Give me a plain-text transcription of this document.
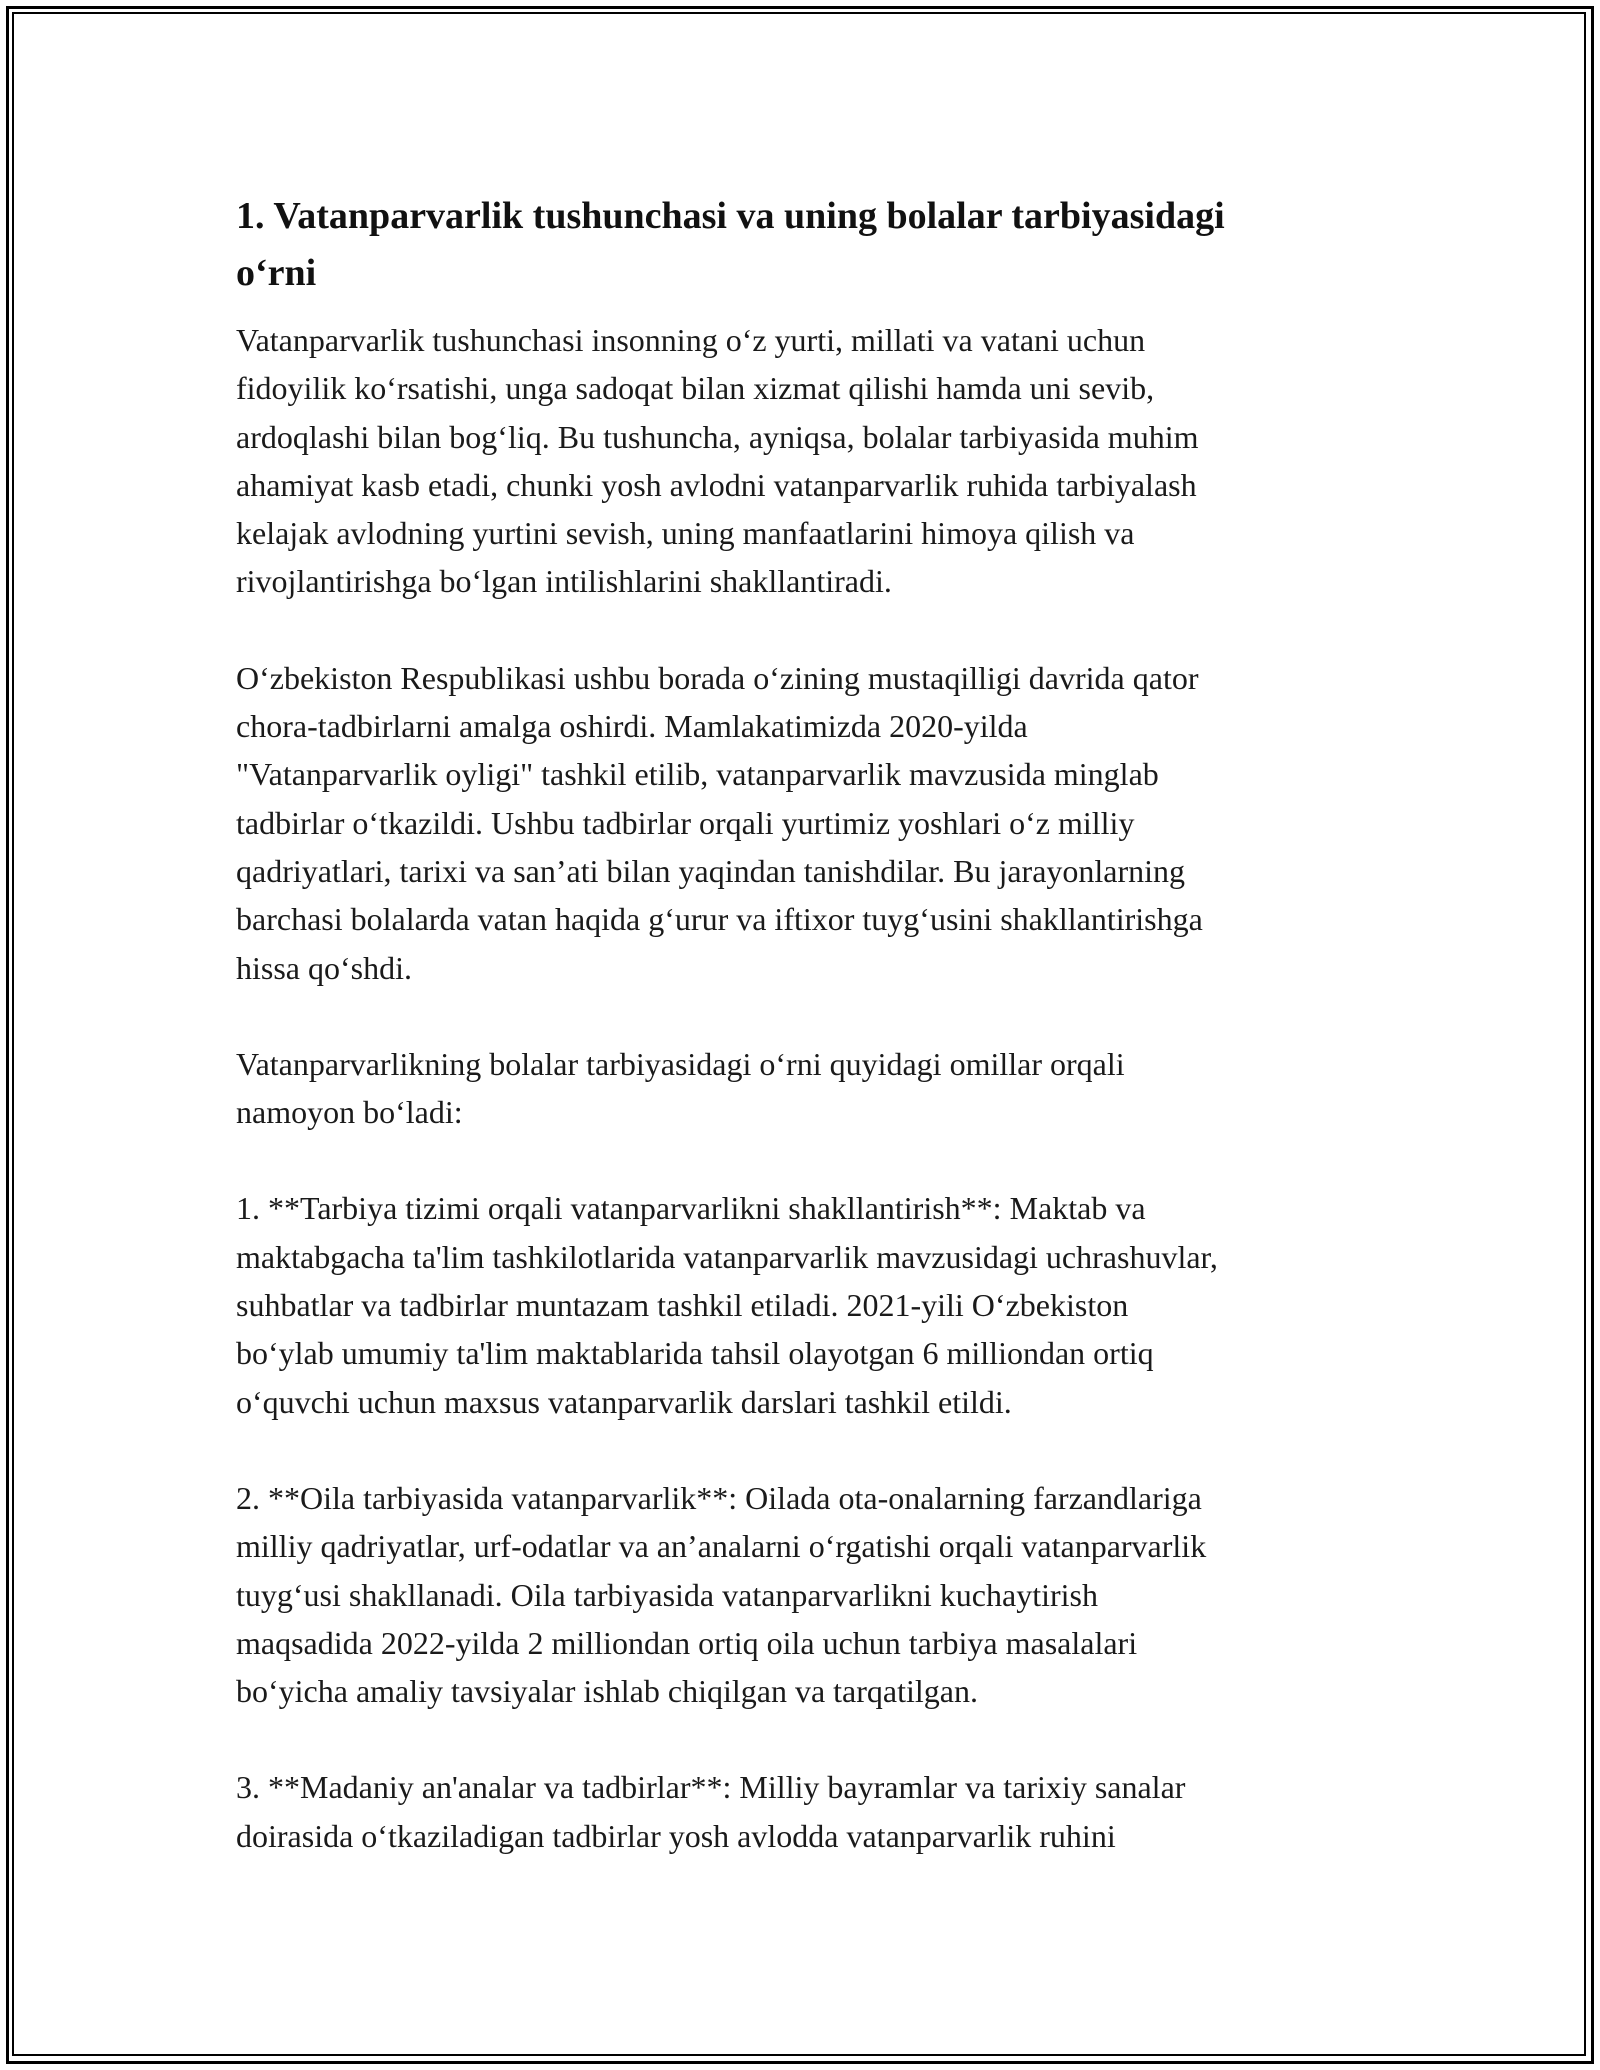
1. Vatanparvarlik tushunchasi va uning bolalar tarbiyasidagi
o‘rni

Vatanparvarlik tushunchasi insonning o‘z yurti, millati va vatani uchun
fidoyilik ko‘rsatishi, unga sadoqat bilan xizmat qilishi hamda uni sevib,
ardoqlashi bilan bog‘liq. Bu tushuncha, ayniqsa, bolalar tarbiyasida muhim
ahamiyat kasb etadi, chunki yosh avlodni vatanparvarlik ruhida tarbiyalash
kelajak avlodning yurtini sevish, uning manfaatlarini himoya qilish va
rivojlantirishga bo‘lgan intilishlarini shakllantiradi.

O‘zbekiston Respublikasi ushbu borada o‘zining mustaqilligi davrida qator
chora-tadbirlarni amalga oshirdi. Mamlakatimizda 2020-yilda
"Vatanparvarlik oyligi" tashkil etilib, vatanparvarlik mavzusida minglab
tadbirlar o‘tkazildi. Ushbu tadbirlar orqali yurtimiz yoshlari o‘z milliy
qadriyatlari, tarixi va san’ati bilan yaqindan tanishdilar. Bu jarayonlarning
barchasi bolalarda vatan haqida g‘urur va iftixor tuyg‘usini shakllantirishga
hissa qo‘shdi.

Vatanparvarlikning bolalar tarbiyasidagi o‘rni quyidagi omillar orqali
namoyon bo‘ladi:

1. **Tarbiya tizimi orqali vatanparvarlikni shakllantirish**: Maktab va
maktabgacha ta'lim tashkilotlarida vatanparvarlik mavzusidagi uchrashuvlar,
suhbatlar va tadbirlar muntazam tashkil etiladi. 2021-yili O‘zbekiston
bo‘ylab umumiy ta'lim maktablarida tahsil olayotgan 6 milliondan ortiq
o‘quvchi uchun maxsus vatanparvarlik darslari tashkil etildi.

2. **Oila tarbiyasida vatanparvarlik**: Oilada ota-onalarning farzandlariga
milliy qadriyatlar, urf-odatlar va an’analarni o‘rgatishi orqali vatanparvarlik
tuyg‘usi shakllanadi. Oila tarbiyasida vatanparvarlikni kuchaytirish
maqsadida 2022-yilda 2 milliondan ortiq oila uchun tarbiya masalalari
bo‘yicha amaliy tavsiyalar ishlab chiqilgan va tarqatilgan.

3. **Madaniy an'analar va tadbirlar**: Milliy bayramlar va tarixiy sanalar
doirasida o‘tkaziladigan tadbirlar yosh avlodda vatanparvarlik ruhini
